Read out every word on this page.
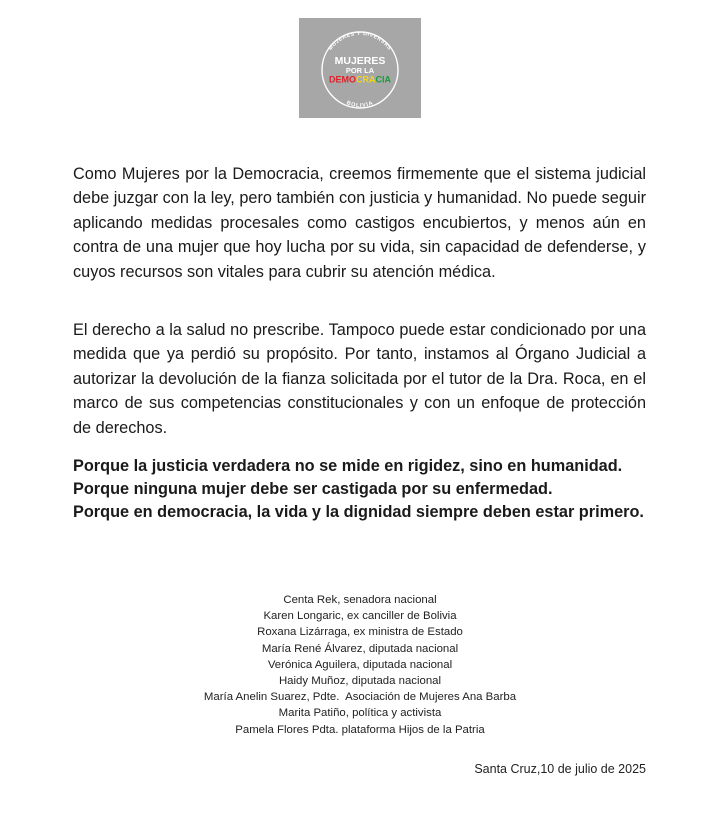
MUJERES Y DIVERSAS
MUJERES
POR LA
DEMOCRACIA
BOLIVIA

Como Mujeres por la Democracia, creemos firmemente que el sistema judicial debe juzgar con la ley, pero también con justicia y humanidad. No puede seguir aplicando medidas procesales como castigos encubiertos, y menos aún en contra de una mujer que hoy lucha por su vida, sin capacidad de defenderse, y cuyos recursos son vitales para cubrir su atención médica.

El derecho a la salud no prescribe. Tampoco puede estar condicionado por una medida que ya perdió su propósito. Por tanto, instamos al Órgano Judicial a autorizar la devolución de la fianza solicitada por el tutor de la Dra. Roca, en el marco de sus competencias constitucionales y con un enfoque de protección de derechos.

Porque la justicia verdadera no se mide en rigidez, sino en humanidad.

Porque ninguna mujer debe ser castigada por su enfermedad.

Porque en democracia, la vida y la dignidad siempre deben estar primero.

Centa Rek, senadora nacional
Karen Longaric, ex canciller de Bolivia
Roxana Lizárraga, ex ministra de Estado
María René Álvarez, diputada nacional
Verónica Aguilera, diputada nacional
Haidy Muñoz, diputada nacional
María Anelin Suarez, Pdte.  Asociación de Mujeres Ana Barba
Marita Patiño, política y activista
Pamela Flores Pdta. plataforma Hijos de la Patria
Santa Cruz,10 de julio de 2025
